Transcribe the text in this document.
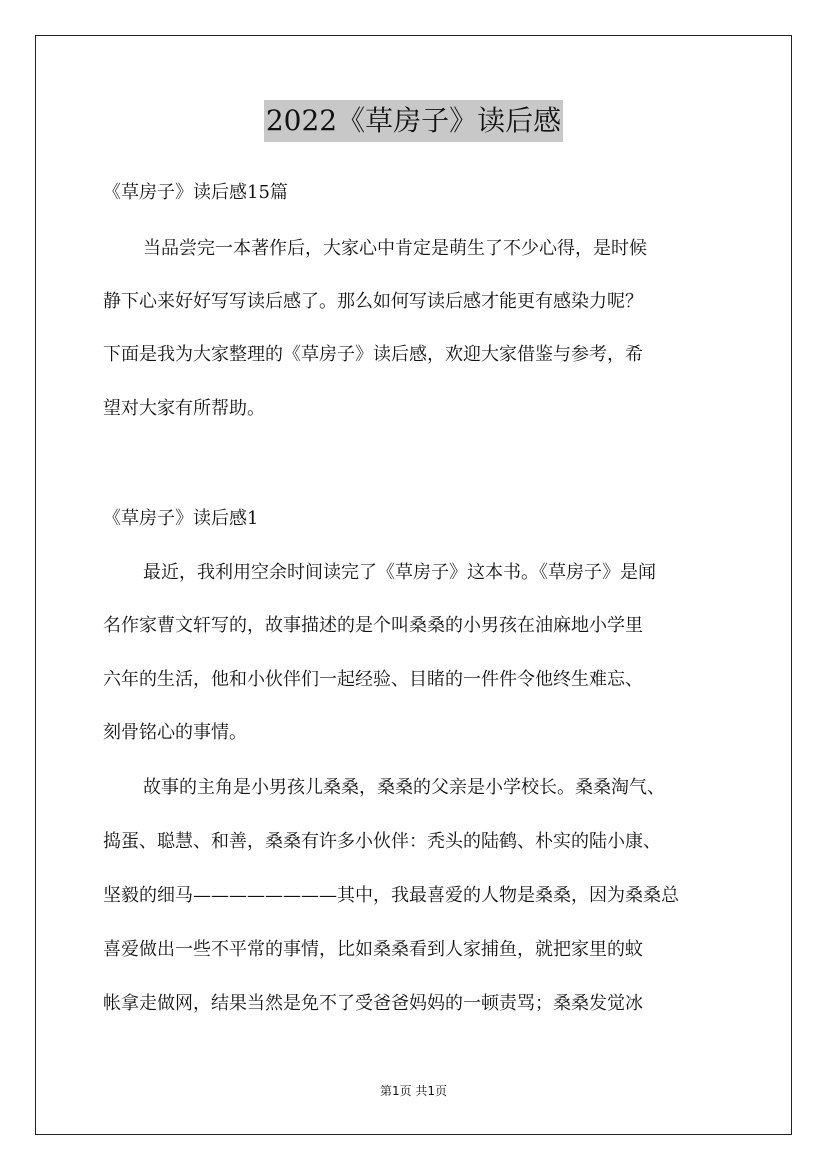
2022《草房子》读后感
《草房子》读后感15篇
当品尝完一本著作后，大家心中肯定是萌生了不少心得，是时候
静下心来好好写写读后感了。那么如何写读后感才能更有感染力呢？
下面是我为大家整理的《草房子》读后感，欢迎大家借鉴与参考，希
望对大家有所帮助。
《草房子》读后感1
最近，我利用空余时间读完了《草房子》这本书。《草房子》是闻
名作家曹文轩写的，故事描述的是个叫桑桑的小男孩在油麻地小学里
六年的生活，他和小伙伴们一起经验、目睹的一件件令他终生难忘、
刻骨铭心的事情。
故事的主角是小男孩儿桑桑，桑桑的父亲是小学校长。桑桑淘气、
捣蛋、聪慧、和善，桑桑有许多小伙伴：秃头的陆鹤、朴实的陆小康、
坚毅的细马————————其中，我最喜爱的人物是桑桑，因为桑桑总
喜爱做出一些不平常的事情，比如桑桑看到人家捕鱼，就把家里的蚊
帐拿走做网，结果当然是免不了受爸爸妈妈的一顿责骂；桑桑发觉冰
第1页 共1页
